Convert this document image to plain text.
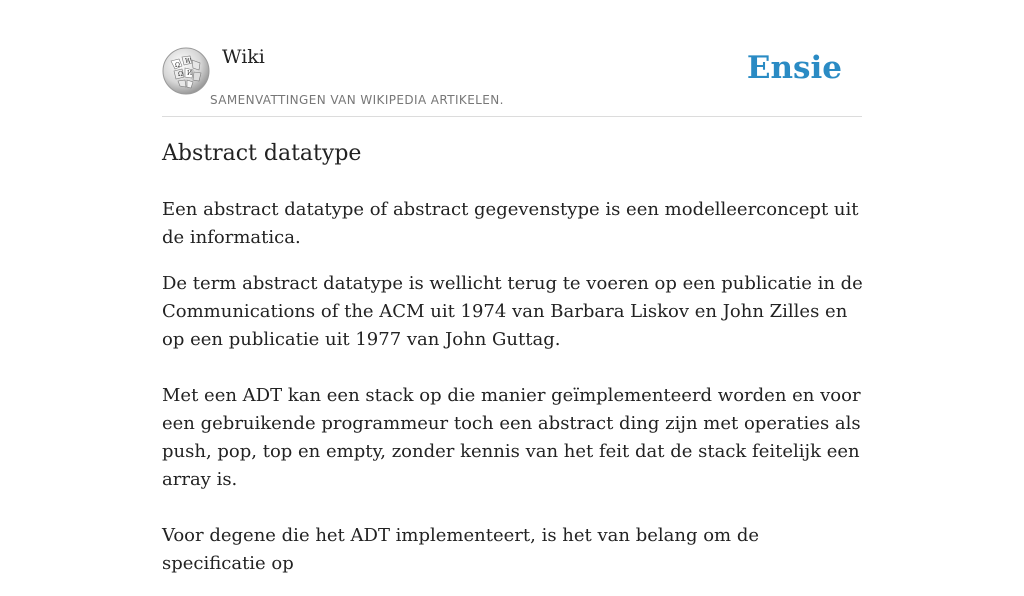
Ω
W
Ω И
Wiki
SAMENVATTINGEN VAN WIKIPEDIA ARTIKELEN.
Ensie
Abstract datatype

Een abstract datatype of abstract gegevenstype is een modelleerconcept uit de informatica.

De term abstract datatype is wellicht terug te voeren op een publicatie in de Communications of the ACM uit 1974 van Barbara Liskov en John Zilles en op een publicatie uit 1977 van John Guttag.

Met een ADT kan een stack op die manier geïmplementeerd worden en voor een gebruikende programmeur toch een abstract ding zijn met operaties als push, pop, top en empty, zonder kennis van het feit dat de stack feitelijk een array is.

Voor degene die het ADT implementeert, is het van belang om de specificatie op
